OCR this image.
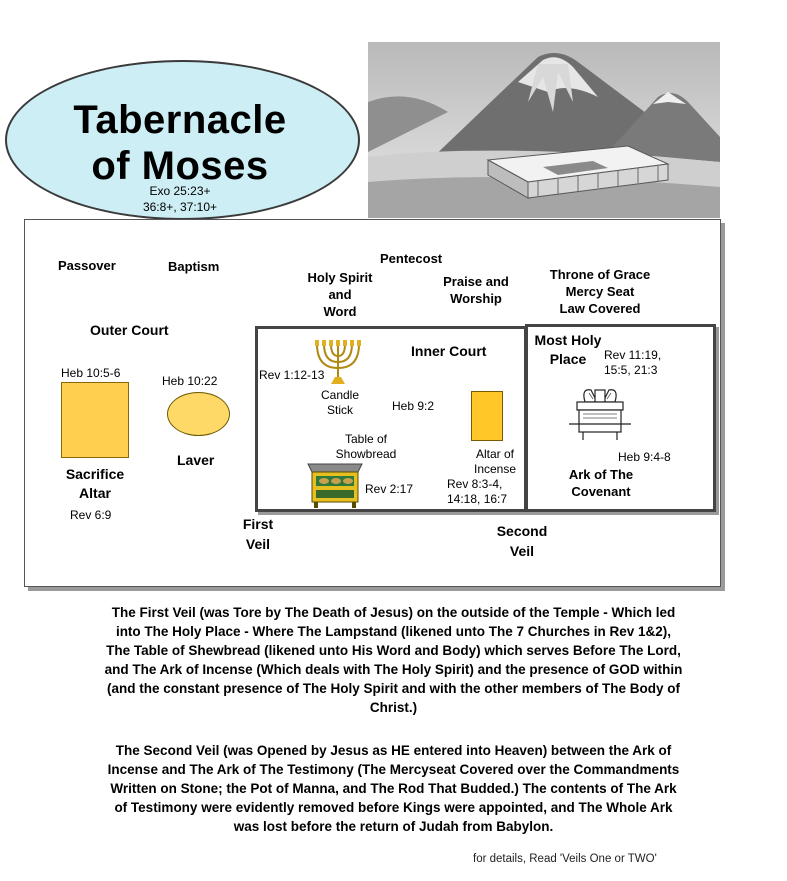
Tabernacle
of Moses
Exo 25:23+
36:8+, 37:10+
Passover	Baptism
Pentecost
Holy Spirit
and
Word
Praise and
Worship
Throne of Grace
Mercy Seat
Law Covered
Outer Court
Heb 10:5-6
Sacrifice
Altar
Rev 6:9
Heb 10:22
Laver
Inner Court
Rev 1:12-13
Candle
Stick	Heb 9:2
Table of
Showbread
Rev 2:17
Altar of
Incense
Rev 8:3-4,
14:18, 16:7
Most Holy
Place	Rev 11:19,
15:5, 21:3
Heb 9:4-8
Ark of The
Covenant
First
Veil
Second
Veil
The First Veil (was Tore by The Death of Jesus) on the outside of the Temple - Which led
into The Holy Place - Where The Lampstand (likened unto The 7 Churches in Rev 1&2),
The Table of Shewbread (likened unto His Word and Body) which serves Before The Lord,
and The Ark of Incense (Which deals with The Holy Spirit) and the presence of GOD within
(and the constant presence of The Holy Spirit and with the other members of The Body of
Christ.)
The Second Veil (was Opened by Jesus as HE entered into Heaven) between the Ark of
Incense and The Ark of The Testimony (The Mercyseat Covered over the Commandments
Written on Stone; the Pot of Manna, and The Rod That Budded.) The contents of The Ark
of Testimony were evidently removed before Kings were appointed, and The Whole Ark
was lost before the return of Judah from Babylon.
for details, Read 'Veils One or TWO'
